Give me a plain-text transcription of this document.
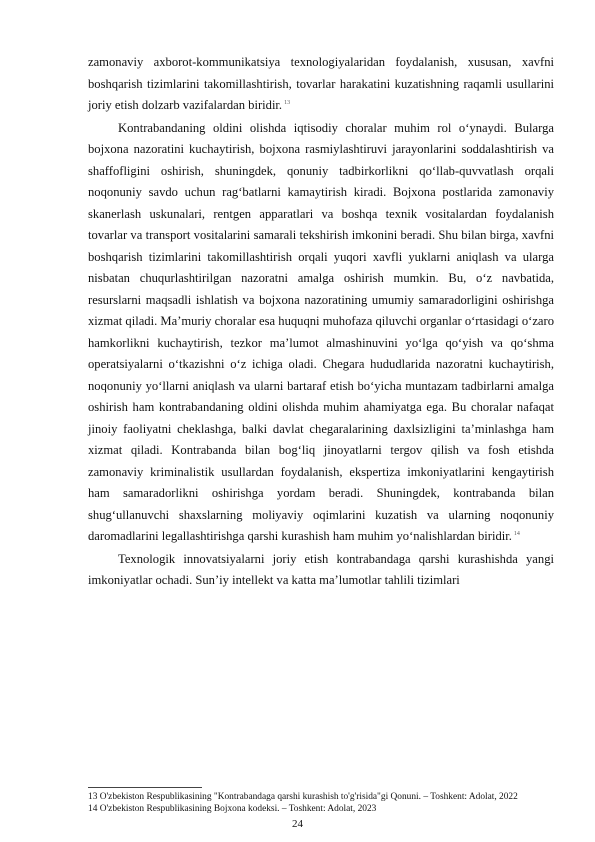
zamonaviy axborot-kommunikatsiya texnologiyalaridan foydalanish, xususan, xavfni boshqarish tizimlarini takomillashtirish, tovarlar harakatini kuzatishning raqamli usullarini joriy etish dolzarb vazifalardan biridir. $^{13}$

Kontrabandaning oldini olishda iqtisodiy choralar muhim rol oʻynaydi. Bularga bojxona nazoratini kuchaytirish, bojxona rasmiylashtiruvi jarayonlarini soddalashtirish va shaffofligini oshirish, shuningdek, qonuniy tadbirkorlikni qoʻllab-quvvatlash orqali noqonuniy savdo uchun ragʻbatlarni kamaytirish kiradi. Bojxona postlarida zamonaviy skanerlash uskunalari, rentgen apparatlari va boshqa texnik vositalardan foydalanish tovarlar va transport vositalarini samarali tekshirish imkonini beradi. Shu bilan birga, xavfni boshqarish tizimlarini takomillashtirish orqali yuqori xavfli yuklarni aniqlash va ularga nisbatan chuqurlashtirilgan nazoratni amalga oshirish mumkin. Bu, oʻz navbatida, resurslarni maqsadli ishlatish va bojxona nazoratining umumiy samaradorligini oshirishga xizmat qiladi. Maʼmuriy choralar esa huquqni muhofaza qiluvchi organlar oʻrtasidagi oʻzaro hamkorlikni kuchaytirish, tezkor maʼlumot almashinuvini yoʻlga qoʻyish va qoʻshma operatsiyalarni oʻtkazishni oʻz ichiga oladi. Chegara hududlarida nazoratni kuchaytirish, noqonuniy yoʻllarni aniqlash va ularni bartaraf etish boʻyicha muntazam tadbirlarni amalga oshirish ham kontrabandaning oldini olishda muhim ahamiyatga ega. Bu choralar nafaqat jinoiy faoliyatni cheklashga, balki davlat chegaralarining daxlsizligini taʼminlashga ham xizmat qiladi. Kontrabanda bilan bogʻliq jinoyatlarni tergov qilish va fosh etishda zamonaviy kriminalistik usullardan foydalanish, ekspertiza imkoniyatlarini kengaytirish ham samaradorlikni oshirishga yordam beradi. Shuningdek, kontrabanda bilan shugʻullanuvchi shaxslarning moliyaviy oqimlarini kuzatish va ularning noqonuniy daromadlarini legallashtirishga qarshi kurashish ham muhim yoʻnalishlardan biridir. $^{14}$

Texnologik innovatsiyalarni joriy etish kontrabandaga qarshi kurashishda yangi imkoniyatlar ochadi. Sunʼiy intellekt va katta maʼlumotlar tahlili tizimlari

13 O'zbekiston Respublikasining "Kontrabandaga qarshi kurashish to'g'risida"gi Qonuni. – Toshkent: Adolat, 2022

14 O'zbekiston Respublikasining Bojxona kodeksi. – Toshkent: Adolat, 2023

24
